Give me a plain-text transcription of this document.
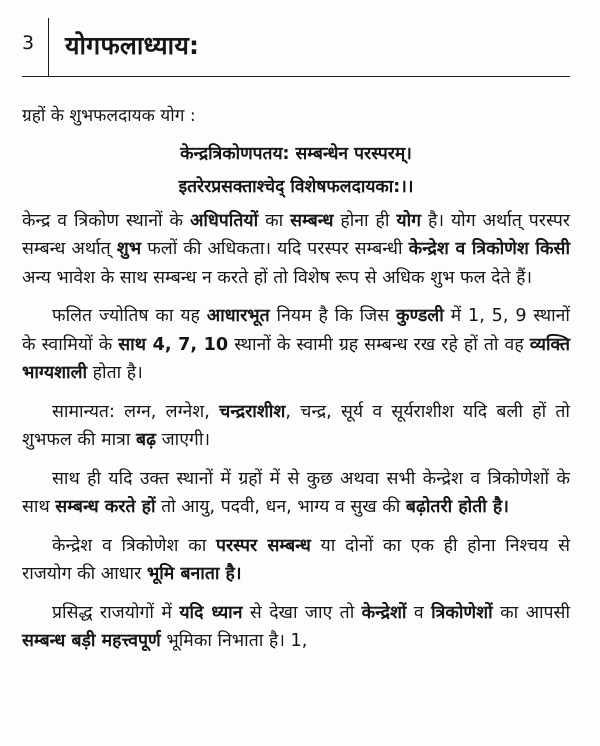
3	योगफलाध्याय:
ग्रहों के शुभफलदायक योग :
केन्द्रत्रिकोणपतय: सम्बन्धेन परस्परम्।
इतरेरप्रसक्ताश्चेद् विशेषफलदायका:।।

केन्द्र व त्रिकोण स्थानों के अधिपतियों का सम्बन्ध होना ही योग है। योग अर्थात् परस्पर सम्बन्ध अर्थात् शुभ फलों की अधिकता। यदि परस्पर सम्बन्धी केन्द्रेश व त्रिकोणेश किसी अन्य भावेश के साथ सम्बन्ध न करते हों तो विशेष रूप से अधिक शुभ फल देते हैं।

फलित ज्योतिष का यह आधारभूत नियम है कि जिस कुण्डली में 1, 5, 9 स्थानों के स्वामियों के साथ 4, 7, 10 स्थानों के स्वामी ग्रह सम्बन्ध रख रहे हों तो वह व्यक्ति भाग्यशाली होता है।

सामान्यत: लग्न, लग्नेश, चन्द्रराशीश, चन्द्र, सूर्य व सूर्यराशीश यदि बली हों तो शुभफल की मात्रा बढ़ जाएगी।

साथ ही यदि उक्त स्थानों में ग्रहों में से कुछ अथवा सभी केन्द्रेश व त्रिकोणेशों के साथ सम्बन्ध करते हों तो आयु, पदवी, धन, भाग्य व सुख की बढ़ोतरी होती है।

केन्द्रेश व त्रिकोणेश का परस्पर सम्बन्ध या दोनों का एक ही होना निश्चय से राजयोग की आधार भूमि बनाता है।

प्रसिद्ध राजयोगों में यदि ध्यान से देखा जाए तो केन्द्रेशों व त्रिकोणेशों का आपसी सम्बन्ध बड़ी महत्त्वपूर्ण भूमिका निभाता है। 1,
